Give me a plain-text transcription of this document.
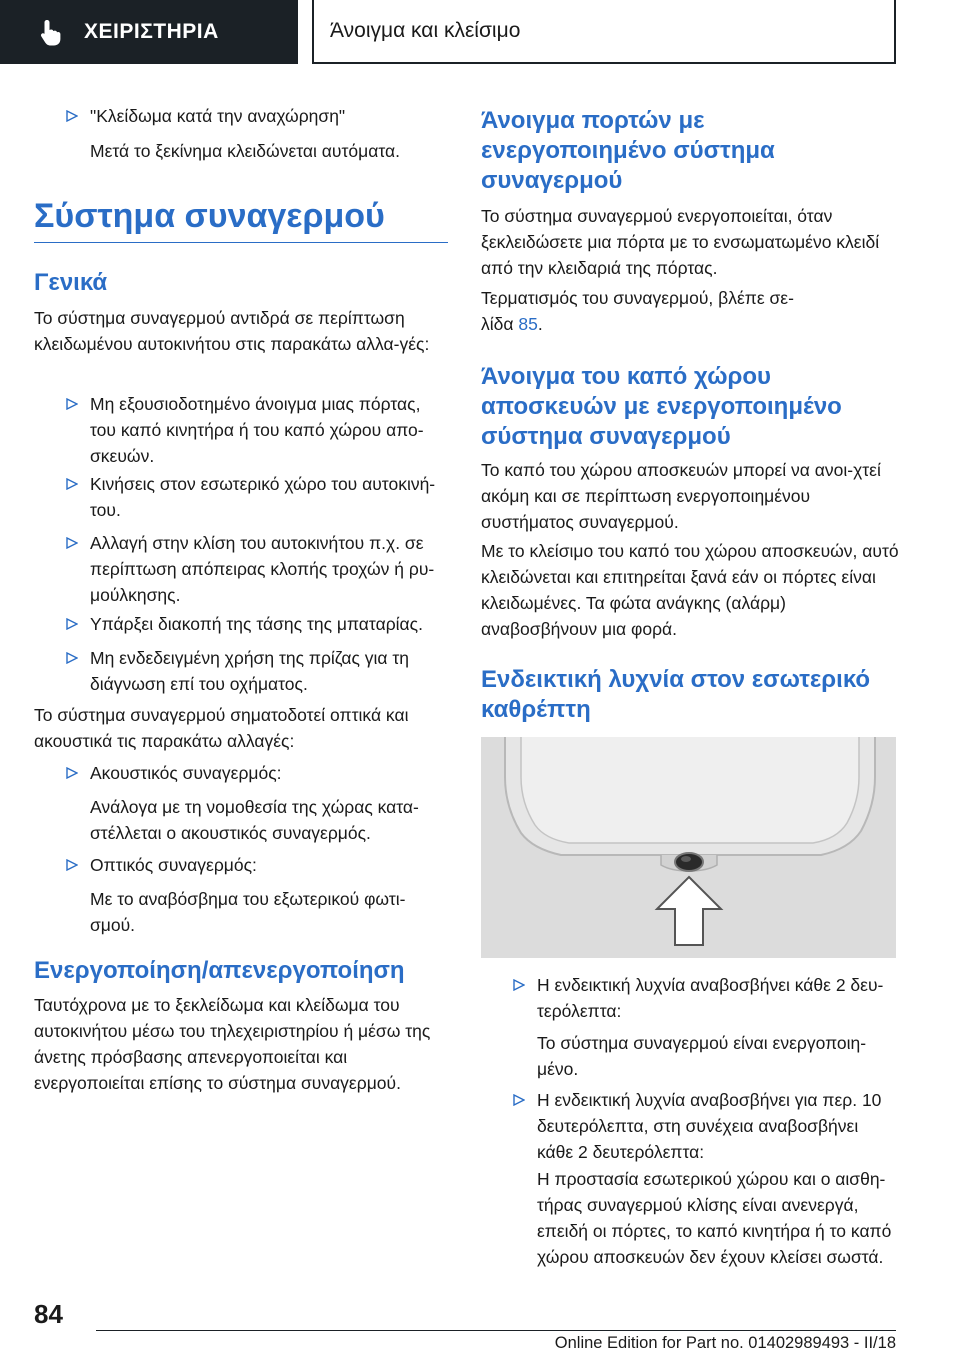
ΧΕΙΡΙΣΤΗΡΙΑ	Άνοιγμα και κλείσιμο
"Κλείδωμα κατά την αναχώρηση"
Μετά το ξεκίνημα κλειδώνεται αυτόματα.
Σύστημα συναγερμού
Γενικά
Το σύστημα συναγερμού αντιδρά σε περίπτωση κλειδωμένου αυτοκινήτου στις παρακάτω αλλα-γές:
Μη εξουσιοδοτημένο άνοιγμα μιας πόρτας, του καπό κινητήρα ή του καπό χώρου απο-σκευών.
Κινήσεις στον εσωτερικό χώρο του αυτοκινή-του.
Αλλαγή στην κλίση του αυτοκινήτου π.χ. σε περίπτωση απόπειρας κλοπής τροχών ή ρυ-μούλκησης.
Υπάρξει διακοπή της τάσης της μπαταρίας.
Μη ενδεδειγμένη χρήση της πρίζας για τη διάγνωση επί του οχήματος.
Το σύστημα συναγερμού σηματοδοτεί οπτικά και ακουστικά τις παρακάτω αλλαγές:
Ακουστικός συναγερμός:
Ανάλογα με τη νομοθεσία της χώρας κατα-στέλλεται ο ακουστικός συναγερμός.
Οπτικός συναγερμός:
Με το αναβόσβημα του εξωτερικού φωτι-σμού.
Ενεργοποίηση/απενεργοποίηση
Ταυτόχρονα με το ξεκλείδωμα και κλείδωμα του αυτοκινήτου μέσω του τηλεχειριστηρίου ή μέσω της άνετης πρόσβασης απενεργοποιείται και ενεργοποιείται επίσης το σύστημα συναγερμού.
Άνοιγμα πορτών με ενεργοποιημένο σύστημα συναγερμού
Το σύστημα συναγερμού ενεργοποιείται, όταν ξεκλειδώσετε μια πόρτα με το ενσωματωμένο κλειδί από την κλειδαριά της πόρτας.
Τερματισμός του συναγερμού, βλέπε σε-
λίδα 85.
Άνοιγμα του καπό χώρου αποσκευών με ενεργοποιημένο σύστημα συναγερμού
Το καπό του χώρου αποσκευών μπορεί να ανοι-χτεί ακόμη και σε περίπτωση ενεργοποιημένου συστήματος συναγερμού.
Με το κλείσιμο του καπό του χώρου αποσκευών, αυτό κλειδώνεται και επιτηρείται ξανά εάν οι πόρτες είναι κλειδωμένες. Τα φώτα ανάγκης (αλάρμ) αναβοσβήνουν μια φορά.
Ενδεικτική λυχνία στον εσωτερικό καθρέπτη
Η ενδεικτική λυχνία αναβοσβήνει κάθε 2 δευ-τερόλεπτα:
Το σύστημα συναγερμού είναι ενεργοποιη-μένο.
Η ενδεικτική λυχνία αναβοσβήνει για περ. 10 δευτερόλεπτα, στη συνέχεια αναβοσβήνει κάθε 2 δευτερόλεπτα:
Η προστασία εσωτερικού χώρου και ο αισθη-τήρας συναγερμού κλίσης είναι ανενεργά, επειδή οι πόρτες, το καπό κινητήρα ή το καπό χώρου αποσκευών δεν έχουν κλείσει σωστά.
84
Online Edition for Part no. 01402989493 - II/18
